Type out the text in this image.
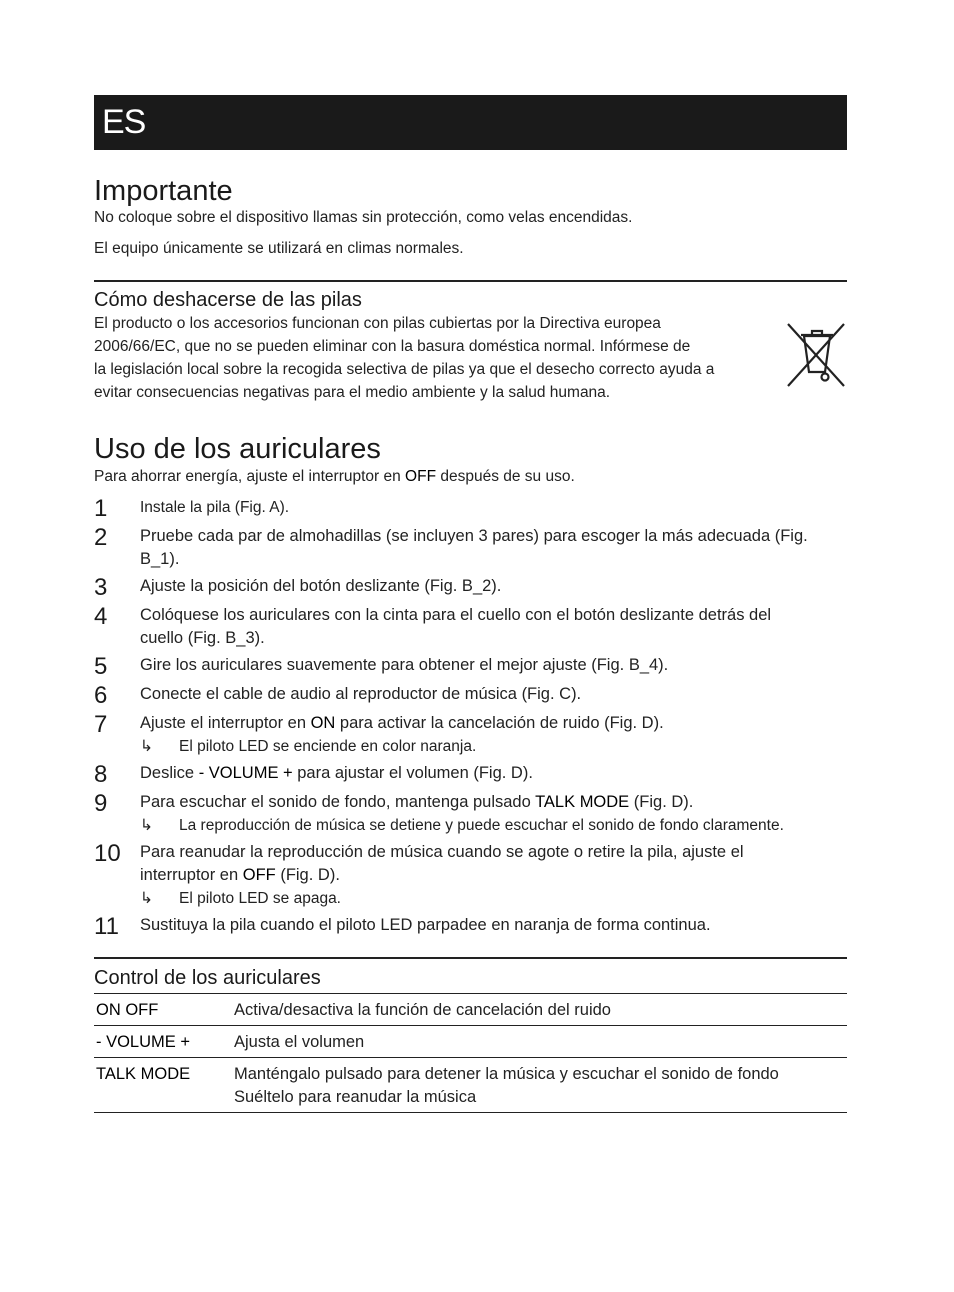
ES
Importante

No coloque sobre el dispositivo llamas sin protección, como velas encendidas.

El equipo únicamente se utilizará en climas normales.

Cómo deshacerse de las pilas

El producto o los accesorios funcionan con pilas cubiertas por la Directiva europea

2006/66/EC, que no se pueden eliminar con la basura doméstica normal. Infórmese de

la legislación local sobre la recogida selectiva de pilas ya que el desecho correcto ayuda a

evitar consecuencias negativas para el medio ambiente y la salud humana.

Uso de los auriculares

Para ahorrar energía, ajuste el interruptor en OFF después de su uso.

1	Instale la pila (Fig. A).
2	Pruebe cada par de almohadillas (se incluyen 3 pares) para escoger la más adecuada (Fig.
B_1).
3	Ajuste la posición del botón deslizante (Fig. B_2).
4	Colóquese los auriculares con la cinta para el cuello con el botón deslizante detrás del
cuello (Fig. B_3).
5	Gire los auriculares suavemente para obtener el mejor ajuste (Fig. B_4).
6	Conecte el cable de audio al reproductor de música (Fig. C).
7	Ajuste el interruptor en ON para activar la cancelación de ruido (Fig. D).
↳	El piloto LED se enciende en color naranja.
8	Deslice - VOLUME + para ajustar el volumen (Fig. D).
9	Para escuchar el sonido de fondo, mantenga pulsado TALK MODE (Fig. D).
↳	La reproducción de música se detiene y puede escuchar el sonido de fondo claramente.
10	Para reanudar la reproducción de música cuando se agote o retire la pila, ajuste el
interruptor en OFF (Fig. D).
↳	El piloto LED se apaga.
11	Sustituya la pila cuando el piloto LED parpadee en naranja de forma continua.
Control de los auriculares
ON OFF	Activa/desactiva la función de cancelación del ruido
- VOLUME +	Ajusta el volumen
TALK MODE	Manténgalo pulsado para detener la música y escuchar el sonido de fondo
Suéltelo para reanudar la música
